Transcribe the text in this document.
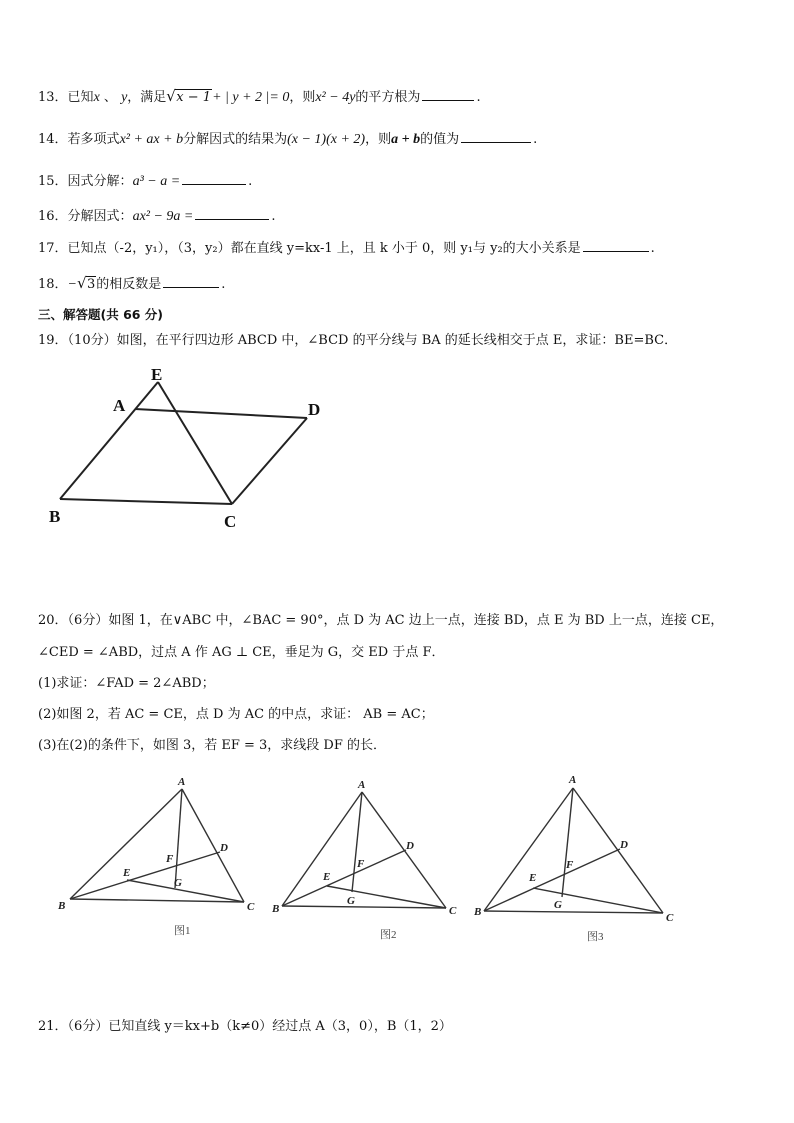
13．已知x 、 y，满足 √ x − 1+ | y + 2 |= 0，则x² − 4y的平方根为	.
14．若多项式x² + ax + b分解因式的结果为(x − 1)(x + 2)，则a + b的值为	.
15．因式分解：a³ − a =	.
16．分解因式：ax² − 9a =	.
17．已知点（-2，y₁），（3，y₂）都在直线 y=kx-1 上，且 k 小于 0，则 y₁与 y₂的大小关系是	.
18．− √ 3的相反数是	.
三、解答题(共 66 分)
19．（10分）如图，在平行四边形 ABCD 中，∠BCD 的平分线与 BA 的延长线相交于点 E，求证：BE=BC．
E
A	D
B	C
20．（6分）如图 1，在∨ABC 中，∠BAC = 90°，点 D 为 AC 边上一点，连接 BD，点 E 为 BD 上一点，连接 CE，
∠CED = ∠ABD，过点 A 作 AG ⊥ CE，垂足为 G，交 ED 于点 F．
(1)求证：∠FAD = 2∠ABD；
(2)如图 2，若 AC = CE，点 D 为 AC 的中点，求证： AB = AC；
(3)在(2)的条件下，如图 3，若 EF = 3，求线段 DF 的长．
A
D
F
E
G
B	C
图1
A
D
F
E
G
B	C
图2
A
D
F
E
G
B	C
图3
21．（6分）已知直线 y＝kx+b（k≠0）经过点 A（3，0），B（1，2）
